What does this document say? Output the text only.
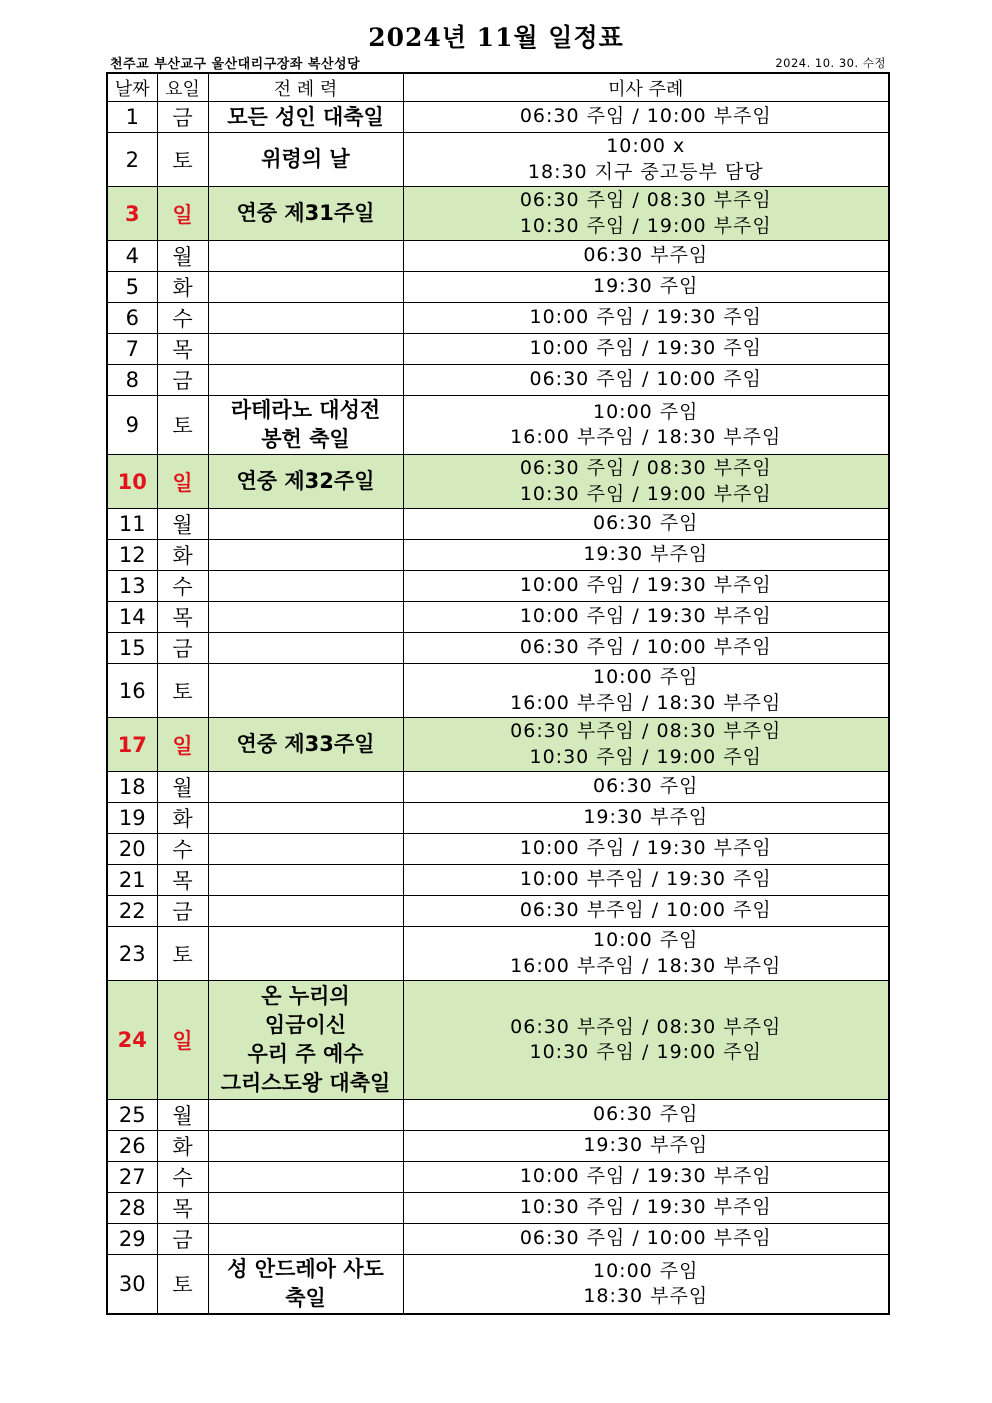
2024년 11월 일정표
천주교 부산교구 울산대리구장좌 복산성당	2024. 10. 30. 수정
날짜	요일	전 례 력	미사 주례
1	금	모든 성인 대축일	06:30 주임 / 10:00 부주임

2	토	위령의 날	10:00 x
18:30 지구 중고등부 담당

3	일	연중 제31주일	06:30 주임 / 08:30 부주임
10:30 주임 / 19:00 부주임

4	월		06:30 부주임

5	화		19:30 주임

6	수		10:00 주임 / 19:30 주임

7	목		10:00 주임 / 19:30 주임

8	금		06:30 주임 / 10:00 주임

9	토	라테라노 대성전
봉헌 축일	10:00 주임
16:00 부주임 / 18:30 부주임

10	일	연중 제32주일	06:30 주임 / 08:30 부주임
10:30 주임 / 19:00 부주임

11	월		06:30 주임

12	화		19:30 부주임

13	수		10:00 주임 / 19:30 부주임

14	목		10:00 주임 / 19:30 부주임

15	금		06:30 주임 / 10:00 부주임

16	토		10:00 주임
16:00 부주임 / 18:30 부주임

17	일	연중 제33주일	06:30 부주임 / 08:30 부주임
10:30 주임 / 19:00 주임

18	월		06:30 주임

19	화		19:30 부주임

20	수		10:00 주임 / 19:30 부주임

21	목		10:00 부주임 / 19:30 주임

22	금		06:30 부주임 / 10:00 주임

23	토		10:00 주임
16:00 부주임 / 18:30 부주임

24	일	온 누리의
임금이신
우리 주 예수
그리스도왕 대축일	06:30 부주임 / 08:30 부주임
10:30 주임 / 19:00 주임

25	월		06:30 주임

26	화		19:30 부주임

27	수		10:00 주임 / 19:30 부주임

28	목		10:30 주임 / 19:30 부주임

29	금		06:30 주임 / 10:00 부주임

30	토	성 안드레아 사도
축일	10:00 주임
18:30 부주임
